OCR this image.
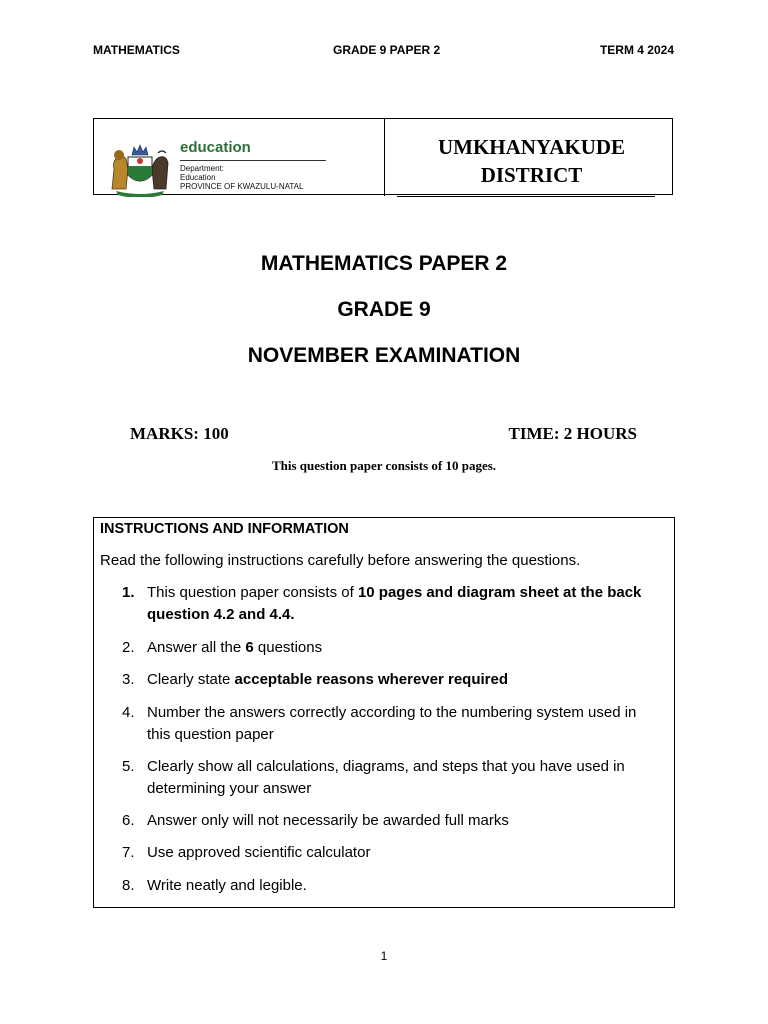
MATHEMATICS	GRADE 9 PAPER 2	TERM 4 2024
education
Department:
Education
PROVINCE OF KWAZULU-NATAL
UMKHANYAKUDE
DISTRICT
MATHEMATICS PAPER 2
GRADE 9
NOVEMBER EXAMINATION
MARKS: 100	TIME: 2 HOURS
This question paper consists of 10 pages.
INSTRUCTIONS AND INFORMATION
Read the following instructions carefully before answering the questions.
1. This question paper consists of 10 pages and diagram sheet at the back question 4.2 and 4.4.
2. Answer all the 6 questions
3. Clearly state acceptable reasons wherever required
4. Number the answers correctly according to the numbering system used in this question paper
5. Clearly show all calculations, diagrams, and steps that you have used in determining your answer
6. Answer only will not necessarily be awarded full marks
7. Use approved scientific calculator
8. Write neatly and legible.
1
